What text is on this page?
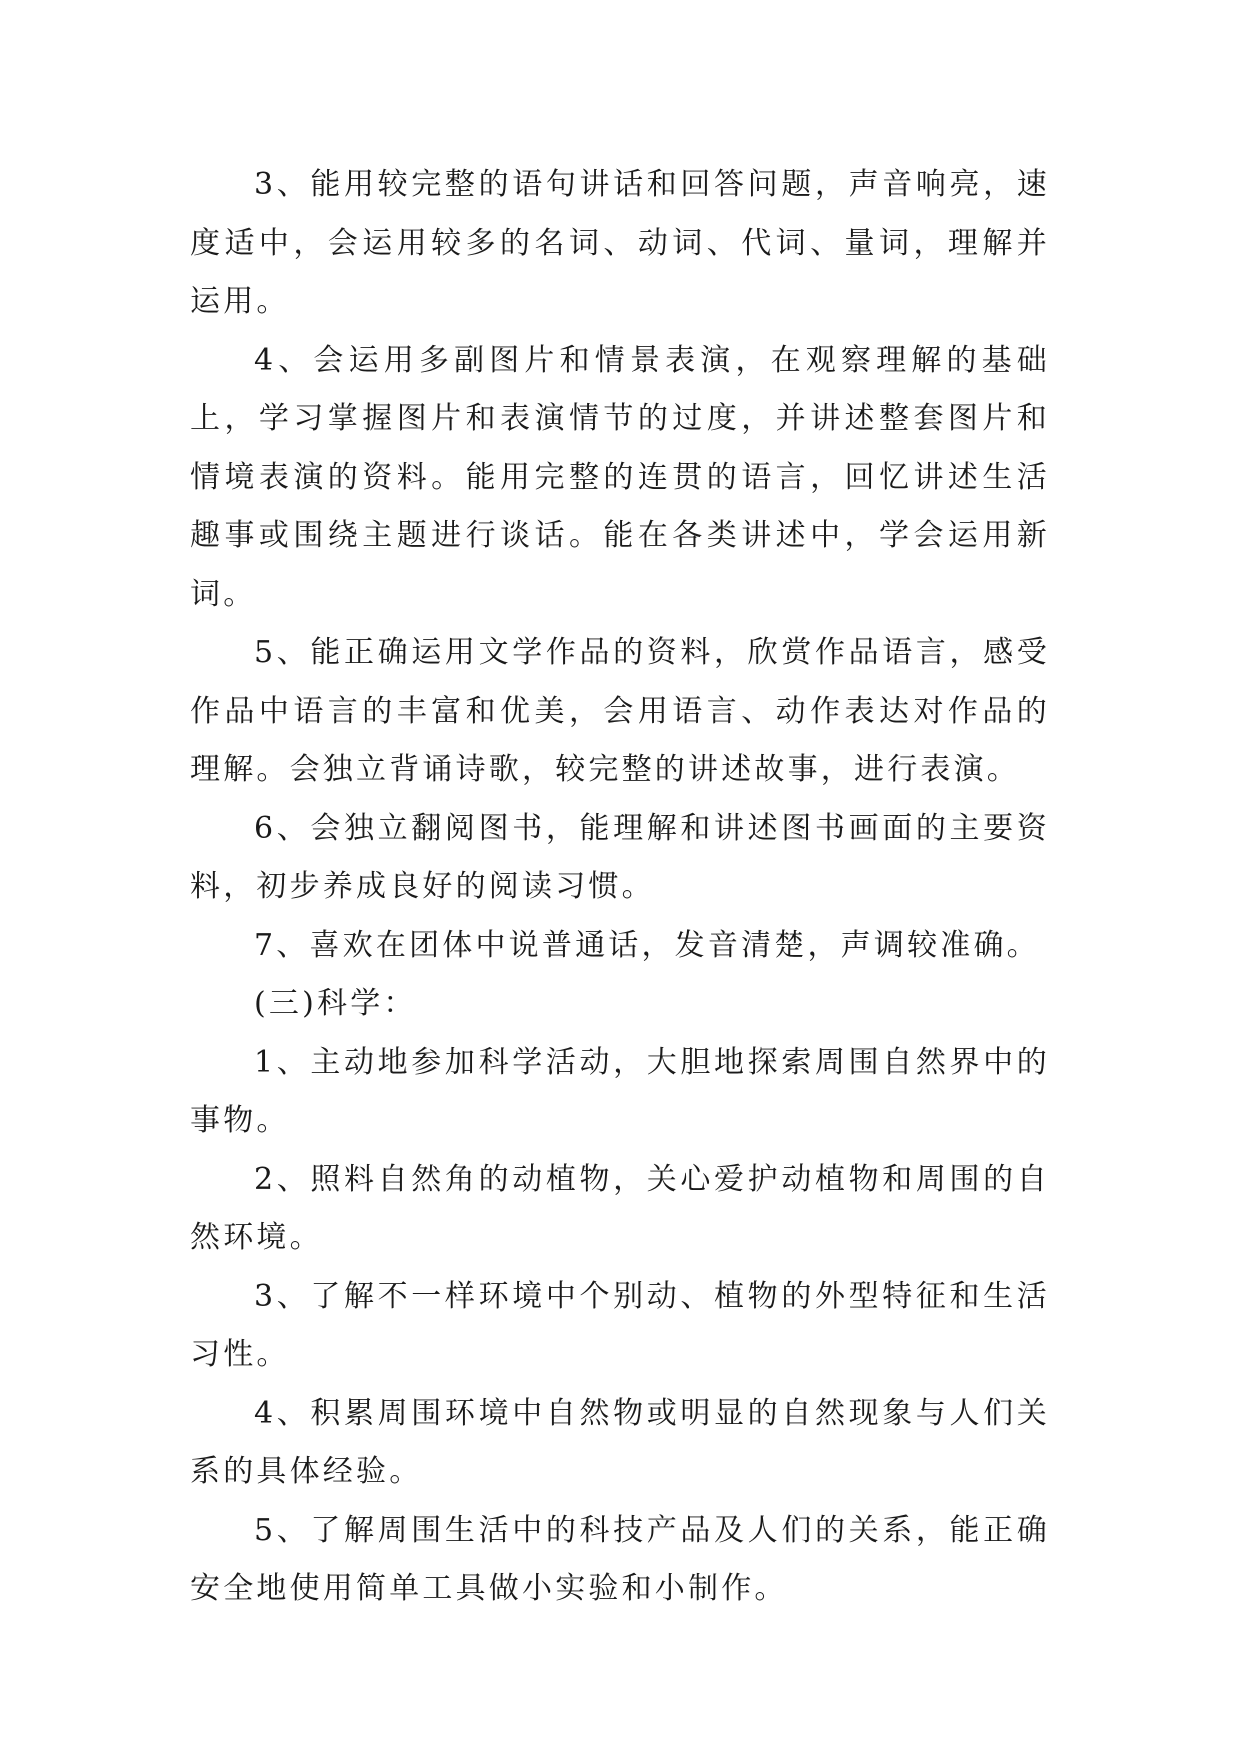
3、能用较完整的语句讲话和回答问题，声音响亮，速度适中，会运用较多的名词、动词、代词、量词，理解并运用。

4、会运用多副图片和情景表演，在观察理解的基础上，学习掌握图片和表演情节的过度，并讲述整套图片和情境表演的资料。能用完整的连贯的语言，回忆讲述生活趣事或围绕主题进行谈话。能在各类讲述中，学会运用新词。

5、能正确运用文学作品的资料，欣赏作品语言，感受作品中语言的丰富和优美，会用语言、动作表达对作品的理解。会独立背诵诗歌，较完整的讲述故事，进行表演。

6、会独立翻阅图书，能理解和讲述图书画面的主要资料，初步养成良好的阅读习惯。

7、喜欢在团体中说普通话，发音清楚，声调较准确。

(三)科学：

1、主动地参加科学活动，大胆地探索周围自然界中的事物。

2、照料自然角的动植物，关心爱护动植物和周围的自然环境。

3、了解不一样环境中个别动、植物的外型特征和生活习性。

4、积累周围环境中自然物或明显的自然现象与人们关系的具体经验。

5、了解周围生活中的科技产品及人们的关系，能正确安全地使用简单工具做小实验和小制作。
